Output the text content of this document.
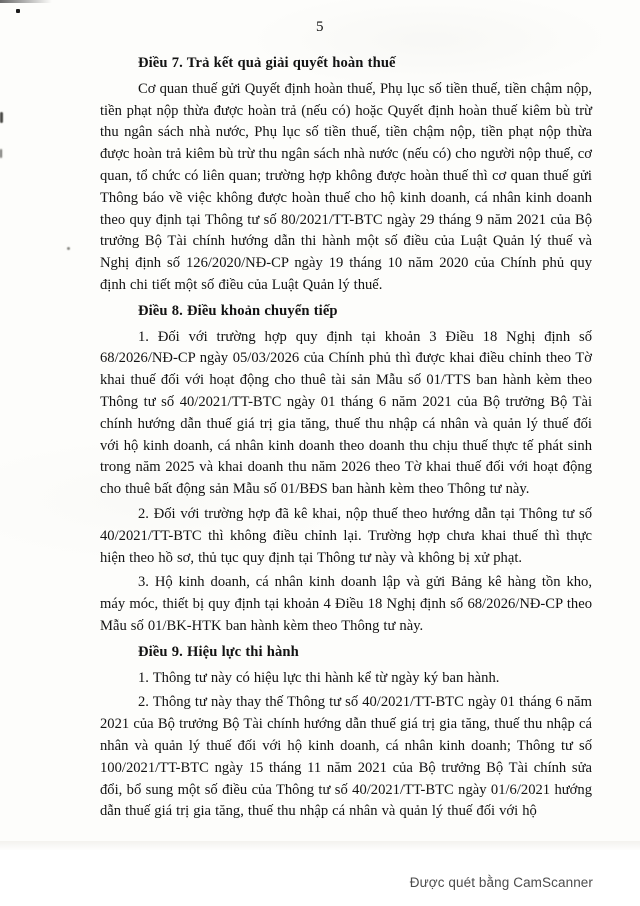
5
Điều 7. Trả kết quả giải quyết hoàn thuế

Cơ quan thuế gửi Quyết định hoàn thuế, Phụ lục số tiền thuế, tiền chậm nộp, tiền phạt nộp thừa được hoàn trả (nếu có) hoặc Quyết định hoàn thuế kiêm bù trừ thu ngân sách nhà nước, Phụ lục số tiền thuế, tiền chậm nộp, tiền phạt nộp thừa được hoàn trả kiêm bù trừ thu ngân sách nhà nước (nếu có) cho người nộp thuế, cơ quan, tổ chức có liên quan; trường hợp không được hoàn thuế thì cơ quan thuế gửi Thông báo về việc không được hoàn thuế cho hộ kinh doanh, cá nhân kinh doanh theo quy định tại Thông tư số 80/2021/TT-BTC ngày 29 tháng 9 năm 2021 của Bộ trưởng Bộ Tài chính hướng dẫn thi hành một số điều của Luật Quản lý thuế và Nghị định số 126/2020/NĐ-CP ngày 19 tháng 10 năm 2020 của Chính phủ quy định chi tiết một số điều của Luật Quản lý thuế.

Điều 8. Điều khoản chuyển tiếp

1. Đối với trường hợp quy định tại khoản 3 Điều 18 Nghị định số 68/2026/NĐ-CP ngày 05/03/2026 của Chính phủ thì được khai điều chỉnh theo Tờ khai thuế đối với hoạt động cho thuê tài sản Mẫu số 01/TTS ban hành kèm theo Thông tư số 40/2021/TT-BTC ngày 01 tháng 6 năm 2021 của Bộ trưởng Bộ Tài chính hướng dẫn thuế giá trị gia tăng, thuế thu nhập cá nhân và quản lý thuế đối với hộ kinh doanh, cá nhân kinh doanh theo doanh thu chịu thuế thực tế phát sinh trong năm 2025 và khai doanh thu năm 2026 theo Tờ khai thuế đối với hoạt động cho thuê bất động sản Mẫu số 01/BĐS ban hành kèm theo Thông tư này.

2. Đối với trường hợp đã kê khai, nộp thuế theo hướng dẫn tại Thông tư số 40/2021/TT-BTC thì không điều chỉnh lại. Trường hợp chưa khai thuế thì thực hiện theo hồ sơ, thủ tục quy định tại Thông tư này và không bị xử phạt.

3. Hộ kinh doanh, cá nhân kinh doanh lập và gửi Bảng kê hàng tồn kho, máy móc, thiết bị quy định tại khoản 4 Điều 18 Nghị định số 68/2026/NĐ-CP theo Mẫu số 01/BK-HTK ban hành kèm theo Thông tư này.

Điều 9. Hiệu lực thi hành

1. Thông tư này có hiệu lực thi hành kể từ ngày ký ban hành.

2. Thông tư này thay thế Thông tư số 40/2021/TT-BTC ngày 01 tháng 6 năm 2021 của Bộ trưởng Bộ Tài chính hướng dẫn thuế giá trị gia tăng, thuế thu nhập cá nhân và quản lý thuế đối với hộ kinh doanh, cá nhân kinh doanh; Thông tư số 100/2021/TT-BTC ngày 15 tháng 11 năm 2021 của Bộ trưởng Bộ Tài chính sửa đổi, bổ sung một số điều của Thông tư số 40/2021/TT-BTC ngày 01/6/2021 hướng dẫn thuế giá trị gia tăng, thuế thu nhập cá nhân và quản lý thuế đối với hộ

Được quét bằng CamScanner
